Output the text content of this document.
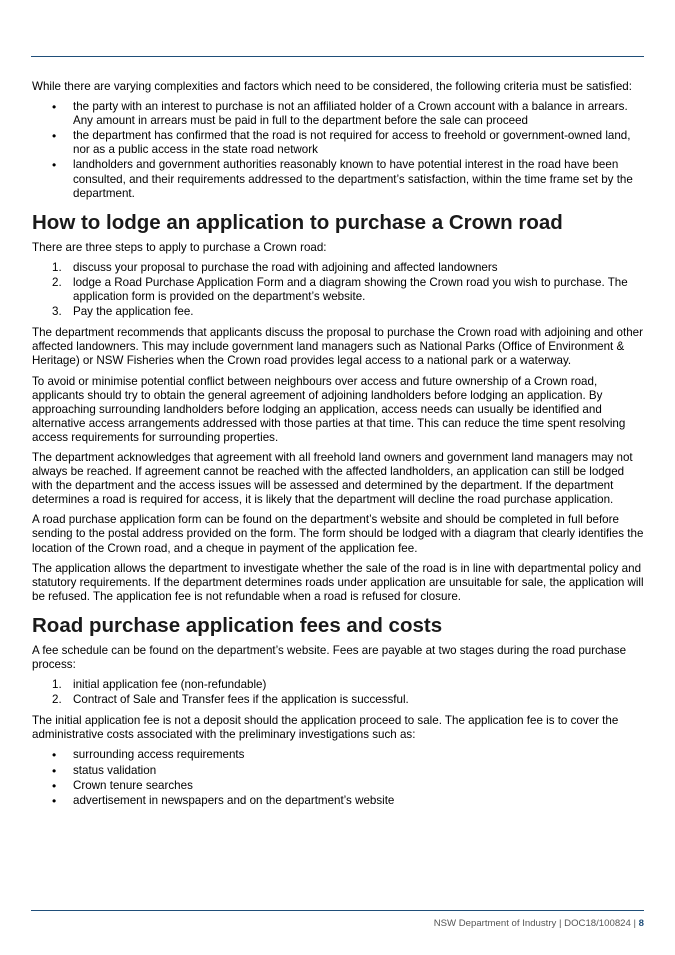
While there are varying complexities and factors which need to be considered, the following criteria must be satisfied:

• the party with an interest to purchase is not an affiliated holder of a Crown account with a balance in arrears. Any amount in arrears must be paid in full to the department before the sale can proceed
• the department has confirmed that the road is not required for access to freehold or government-owned land, nor as a public access in the state road network
• landholders and government authorities reasonably known to have potential interest in the road have been consulted, and their requirements addressed to the department’s satisfaction, within the time frame set by the department.
How to lodge an application to purchase a Crown road

There are three steps to apply to purchase a Crown road:

1. discuss your proposal to purchase the road with adjoining and affected landowners
2. lodge a Road Purchase Application Form and a diagram showing the Crown road you wish to purchase. The application form is provided on the department’s website.
3. Pay the application fee.

The department recommends that applicants discuss the proposal to purchase the Crown road with adjoining and other affected landowners. This may include government land managers such as National Parks (Office of Environment & Heritage) or NSW Fisheries when the Crown road provides legal access to a national park or a waterway.

To avoid or minimise potential conflict between neighbours over access and future ownership of a Crown road, applicants should try to obtain the general agreement of adjoining landholders before lodging an application. By approaching surrounding landholders before lodging an application, access needs can usually be identified and alternative access arrangements addressed with those parties at that time. This can reduce the time spent resolving access requirements for surrounding properties.

The department acknowledges that agreement with all freehold land owners and government land managers may not always be reached. If agreement cannot be reached with the affected landholders, an application can still be lodged with the department and the access issues will be assessed and determined by the department. If the department determines a road is required for access, it is likely that the department will decline the road purchase application.

A road purchase application form can be found on the department’s website and should be completed in full before sending to the postal address provided on the form. The form should be lodged with a diagram that clearly identifies the location of the Crown road, and a cheque in payment of the application fee.

The application allows the department to investigate whether the sale of the road is in line with departmental policy and statutory requirements. If the department determines roads under application are unsuitable for sale, the application will be refused. The application fee is not refundable when a road is refused for closure.

Road purchase application fees and costs

A fee schedule can be found on the department’s website. Fees are payable at two stages during the road purchase process:

1. initial application fee (non-refundable)
2. Contract of Sale and Transfer fees if the application is successful.

The initial application fee is not a deposit should the application proceed to sale. The application fee is to cover the administrative costs associated with the preliminary investigations such as:

• surrounding access requirements
• status validation
• Crown tenure searches
• advertisement in newspapers and on the department’s website
NSW Department of Industry | DOC18/100824 | 8
